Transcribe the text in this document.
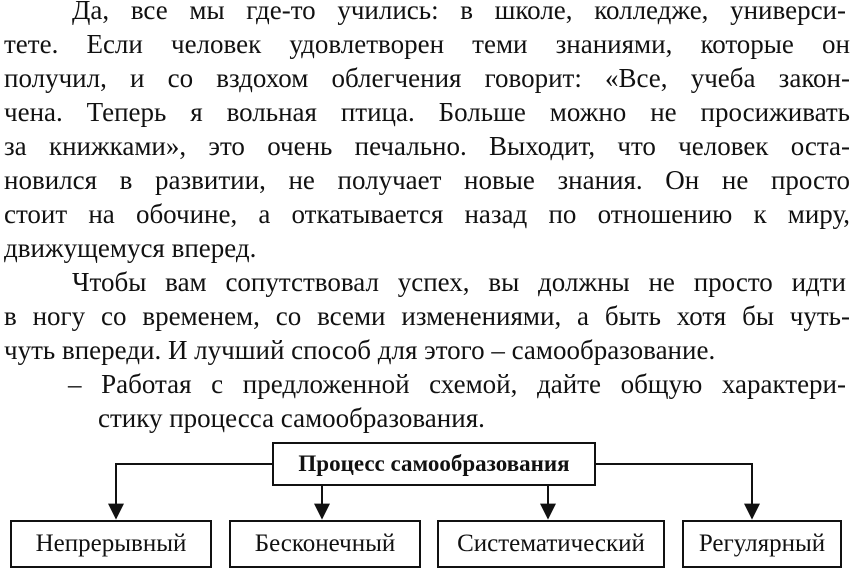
Да, все мы где-то учились: в школе, колледже, универси-
тете. Если человек удовлетворен теми знаниями, которые он
получил, и со вздохом облегчения говорит: «Все, учеба закон-
чена. Теперь я вольная птица. Больше можно не просиживать
за книжками», это очень печально. Выходит, что человек оста-
новился в развитии, не получает новые знания. Он не просто
стоит на обочине, а откатывается назад по отношению к миру,
движущемуся вперед.
Чтобы вам сопутствовал успех, вы должны не просто идти
в ногу со временем, со всеми изменениями, а быть хотя бы чуть-
чуть впереди. И лучший способ для этого – самообразование.
– Работая с предложенной схемой, дайте общую характери-
стику процесса самообразования.
Процесс самообразования
Непрерывный	Бесконечный	Систематический	Регулярный
